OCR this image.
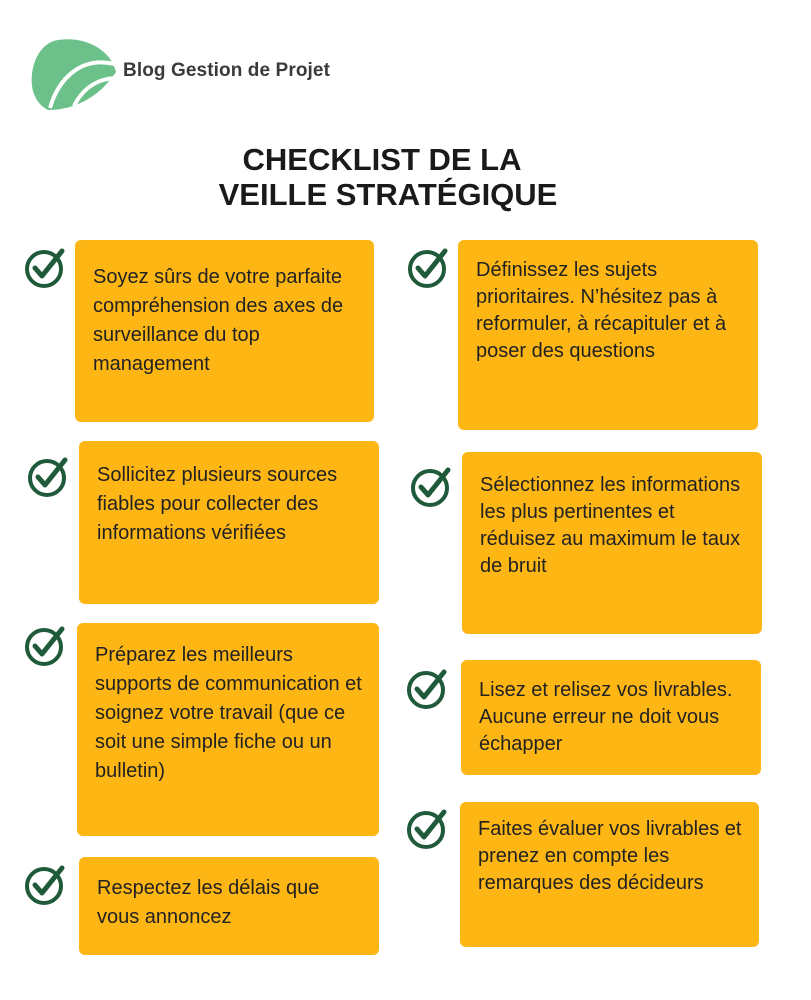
Blog Gestion de Projet
CHECKLIST DE LA
VEILLE STRATÉGIQUE
Soyez sûrs de votre parfaite compréhension des axes de surveillance du top management
Sollicitez plusieurs sources fiables pour collecter des informations vérifiées
Préparez les meilleurs supports de communication et soignez votre travail (que ce soit une simple fiche ou un bulletin)
Respectez les délais que vous annoncez
Définissez les sujets prioritaires. N’hésitez pas à reformuler, à récapituler et à poser des questions
Sélectionnez les informations les plus pertinentes et réduisez au maximum le taux de bruit
Lisez et relisez vos livrables. Aucune erreur ne doit vous échapper
Faites évaluer vos livrables et prenez en compte les remarques des décideurs
